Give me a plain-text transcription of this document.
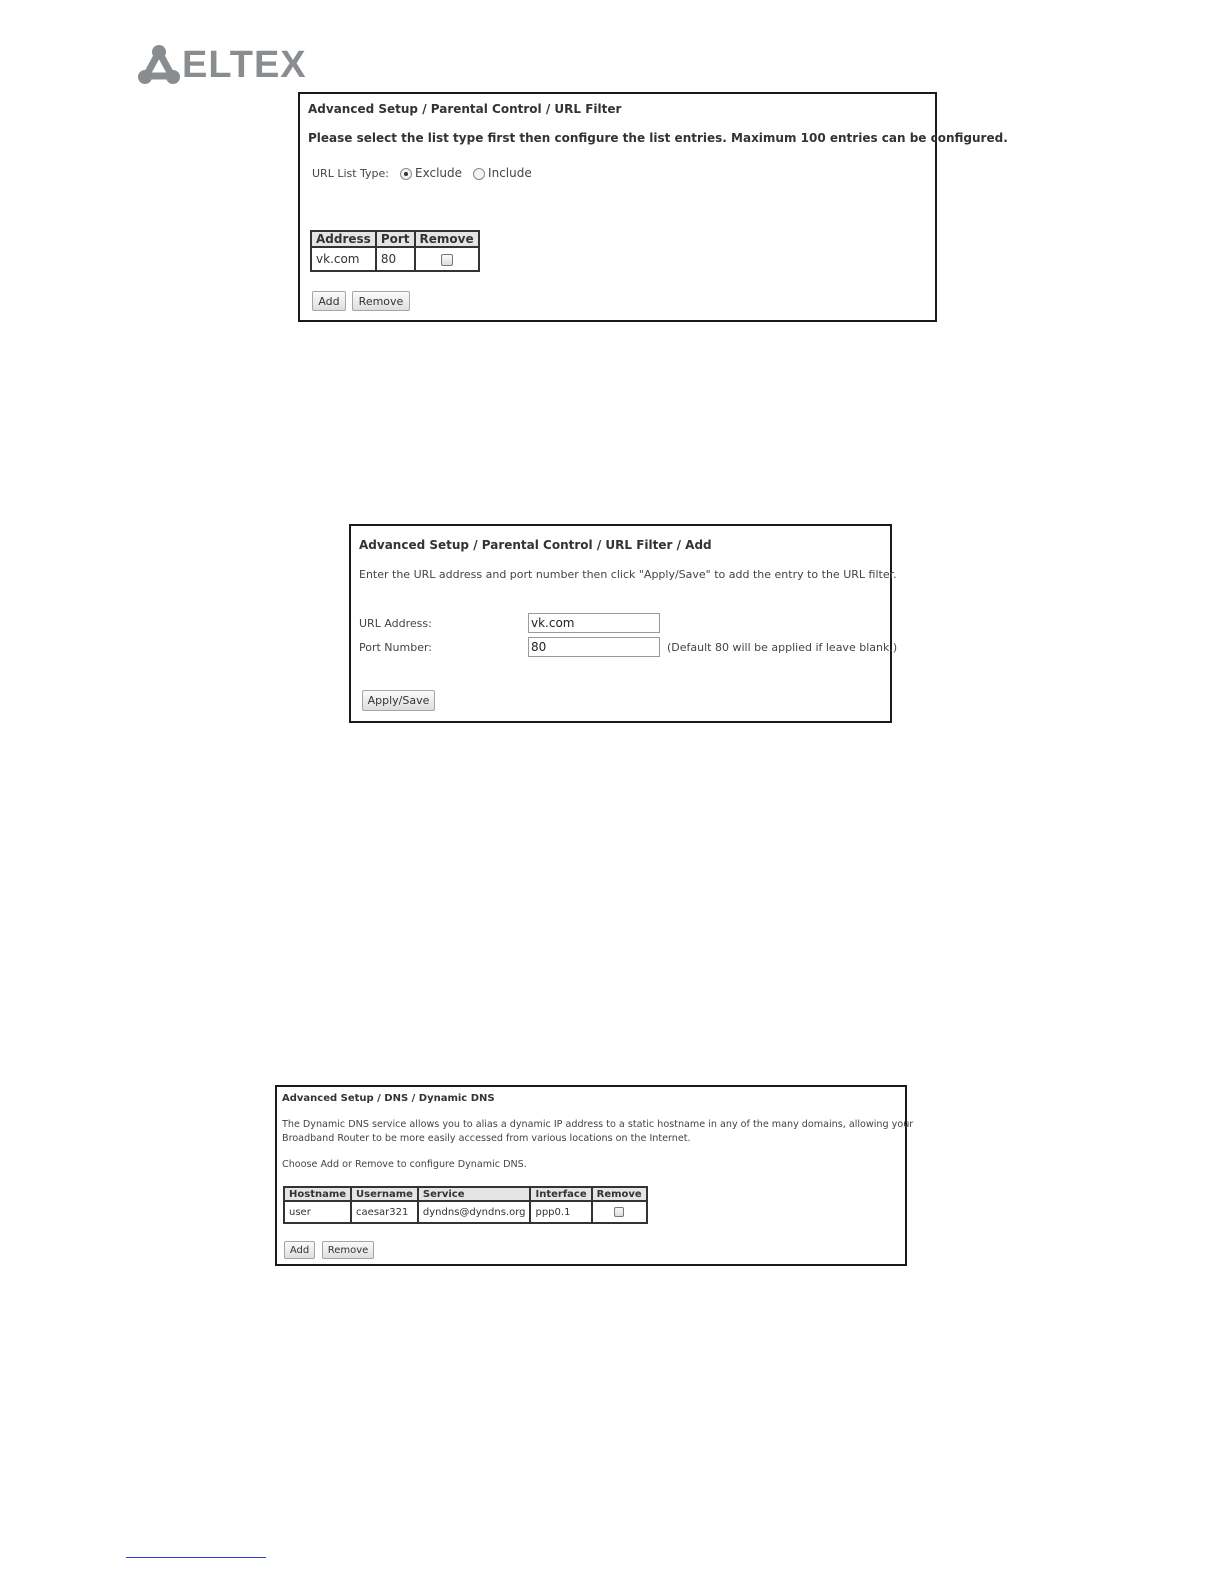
ELTEX
Advanced Setup / Parental Control / URL Filter
Please select the list type first then configure the list entries. Maximum 100 entries can be configured.
URL List Type: Exclude Include
Address	Port	Remove
vk.com	80	
Add	Remove
Advanced Setup / Parental Control / URL Filter / Add
Enter the URL address and port number then click "Apply/Save" to add the entry to the URL filter.
URL Address:	vk.com
Port Number:	80	(Default 80 will be applied if leave blank.)
Apply/Save
Advanced Setup / DNS / Dynamic DNS
The Dynamic DNS service allows you to alias a dynamic IP address to a static hostname in any of the many domains, allowing your
Broadband Router to be more easily accessed from various locations on the Internet.
Choose Add or Remove to configure Dynamic DNS.
Hostname	Username	Service	Interface	Remove
user	caesar321	dyndns@dyndns.org	ppp0.1	
Add	Remove
